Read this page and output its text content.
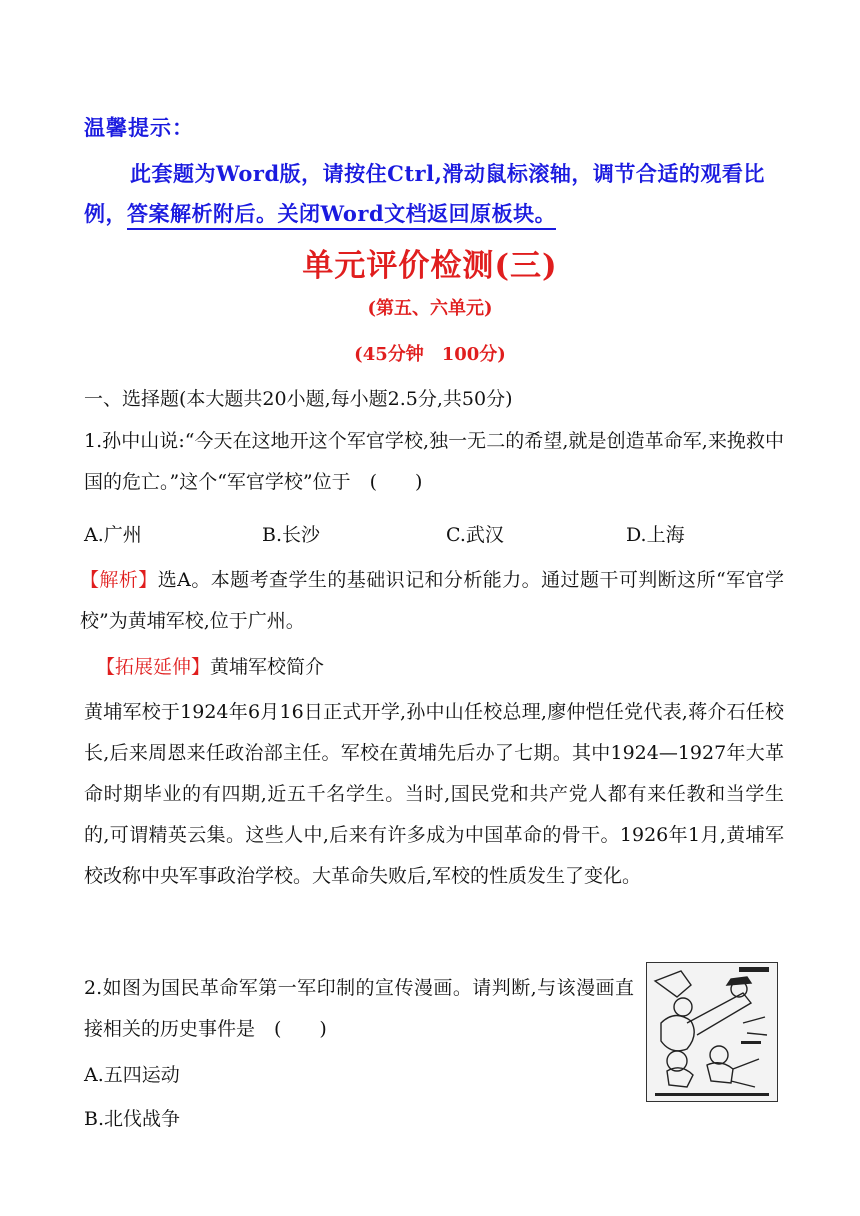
温馨提示：
此套题为Word版，请按住Ctrl,滑动鼠标滚轴，调节合适的观看比例，答案解析附后。关闭Word文档返回原板块。
单元评价检测(三)
(第五、六单元)
(45分钟　100分)
一、选择题(本大题共20小题,每小题2.5分,共50分)
1.孙中山说:“今天在这地开这个军官学校,独一无二的希望,就是创造革命军,来挽救中国的危亡。”这个“军官学校”位于　(　　)
A.广州	B.长沙	C.武汉	D.上海
【解析】选A。本题考查学生的基础识记和分析能力。通过题干可判断这所“军官学校”为黄埔军校,位于广州。
【拓展延伸】黄埔军校简介
黄埔军校于1924年6月16日正式开学,孙中山任校总理,廖仲恺任党代表,蒋介石任校长,后来周恩来任政治部主任。军校在黄埔先后办了七期。其中1924—1927年大革命时期毕业的有四期,近五千名学生。当时,国民党和共产党人都有来任教和当学生的,可谓精英云集。这些人中,后来有许多成为中国革命的骨干。1926年1月,黄埔军校改称中央军事政治学校。大革命失败后,军校的性质发生了变化。
2.如图为国民革命军第一军印制的宣传漫画。请判断,与该漫画直接相关的历史事件是　(　　)
A.五四运动
B.北伐战争
